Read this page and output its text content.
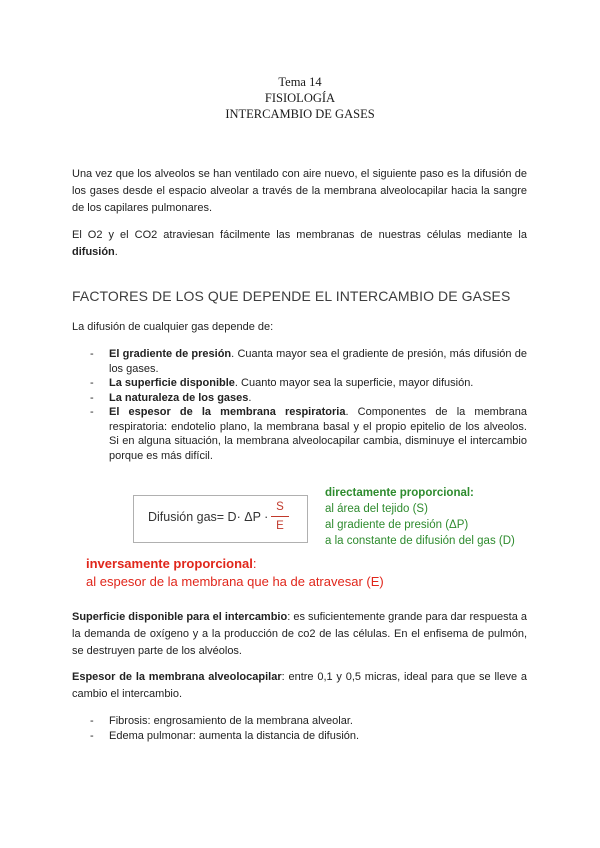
Tema 14
FISIOLOGÍA
INTERCAMBIO DE GASES
Una vez que los alveolos se han ventilado con aire nuevo, el siguiente paso es la difusión de los gases desde el espacio alveolar a través de la membrana alveolocapilar hacia la sangre de los capilares pulmonares.
El O2 y el CO2 atraviesan fácilmente las membranas de nuestras células mediante la difusión.
FACTORES DE LOS QUE DEPENDE EL INTERCAMBIO DE GASES
La difusión de cualquier gas depende de:
- El gradiente de presión. Cuanta mayor sea el gradiente de presión, más difusión de los gases.
- La superficie disponible. Cuanto mayor sea la superficie, mayor difusión.
- La naturaleza de los gases.
- El espesor de la membrana respiratoria. Componentes de la membrana respiratoria: endotelio plano, la membrana basal y el propio epitelio de los alveolos. Si en alguna situación, la membrana alveolocapilar cambia, disminuye el intercambio porque es más difícil.
Difusión gas= D· ΔP ·
S
E
directamente proporcional:
al área del tejido (S)
al gradiente de presión (ΔP)
a la constante de difusión del gas (D)
inversamente proporcional:
al espesor de la membrana que ha de atravesar (E)
Superficie disponible para el intercambio: es suficientemente grande para dar respuesta a la demanda de oxígeno y a la producción de co2 de las células. En el enfisema de pulmón, se destruyen parte de los alvéolos.
Espesor de la membrana alveolocapilar: entre 0,1 y 0,5 micras, ideal para que se lleve a cambio el intercambio.
- Fibrosis: engrosamiento de la membrana alveolar.
- Edema pulmonar: aumenta la distancia de difusión.
